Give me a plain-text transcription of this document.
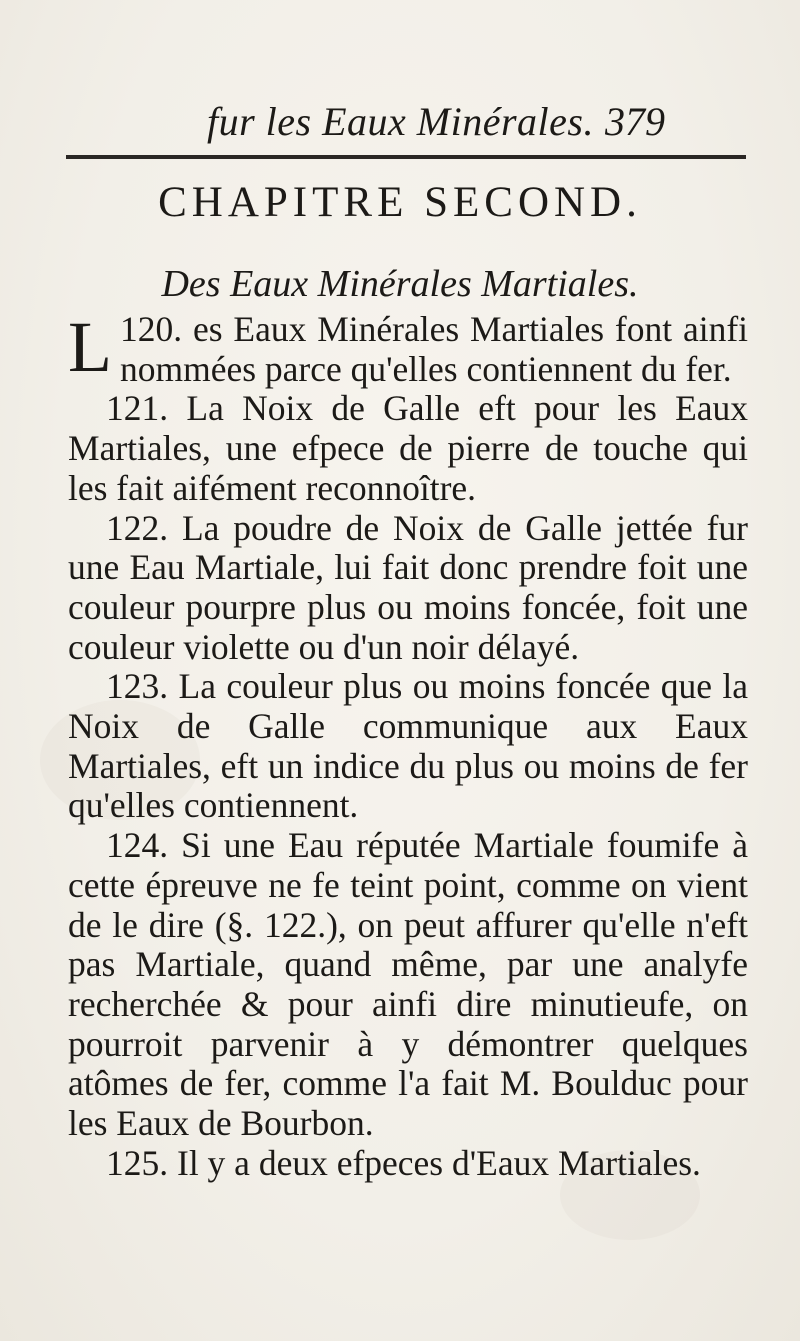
fur les Eaux Minérales. 379
CHAPITRE SECOND.
Des Eaux Minérales Martiales.

120.
L es Eaux Minérales Martiales font ainfi nommées parce qu'elles contiennent du fer.

121. La Noix de Galle eft pour les Eaux Martiales, une efpece de pierre de touche qui les fait aifément reconnoître.

122. La poudre de Noix de Galle jettée fur une Eau Martiale, lui fait donc prendre foit une couleur pourpre plus ou moins foncée, foit une couleur violette ou d'un noir délayé.

123. La couleur plus ou moins foncée que la Noix de Galle communique aux Eaux Martiales, eft un indice du plus ou moins de fer qu'elles contiennent.

124. Si une Eau réputée Martiale foumife à cette épreuve ne fe teint point, comme on vient de le dire (§. 122.), on peut affurer qu'elle n'eft pas Martiale, quand même, par une analyfe recherchée & pour ainfi dire minutieufe, on pourroit parvenir à y démontrer quelques atômes de fer, comme l'a fait M. Boulduc pour les Eaux de Bourbon.

125. Il y a deux efpeces d'Eaux Martiales.
